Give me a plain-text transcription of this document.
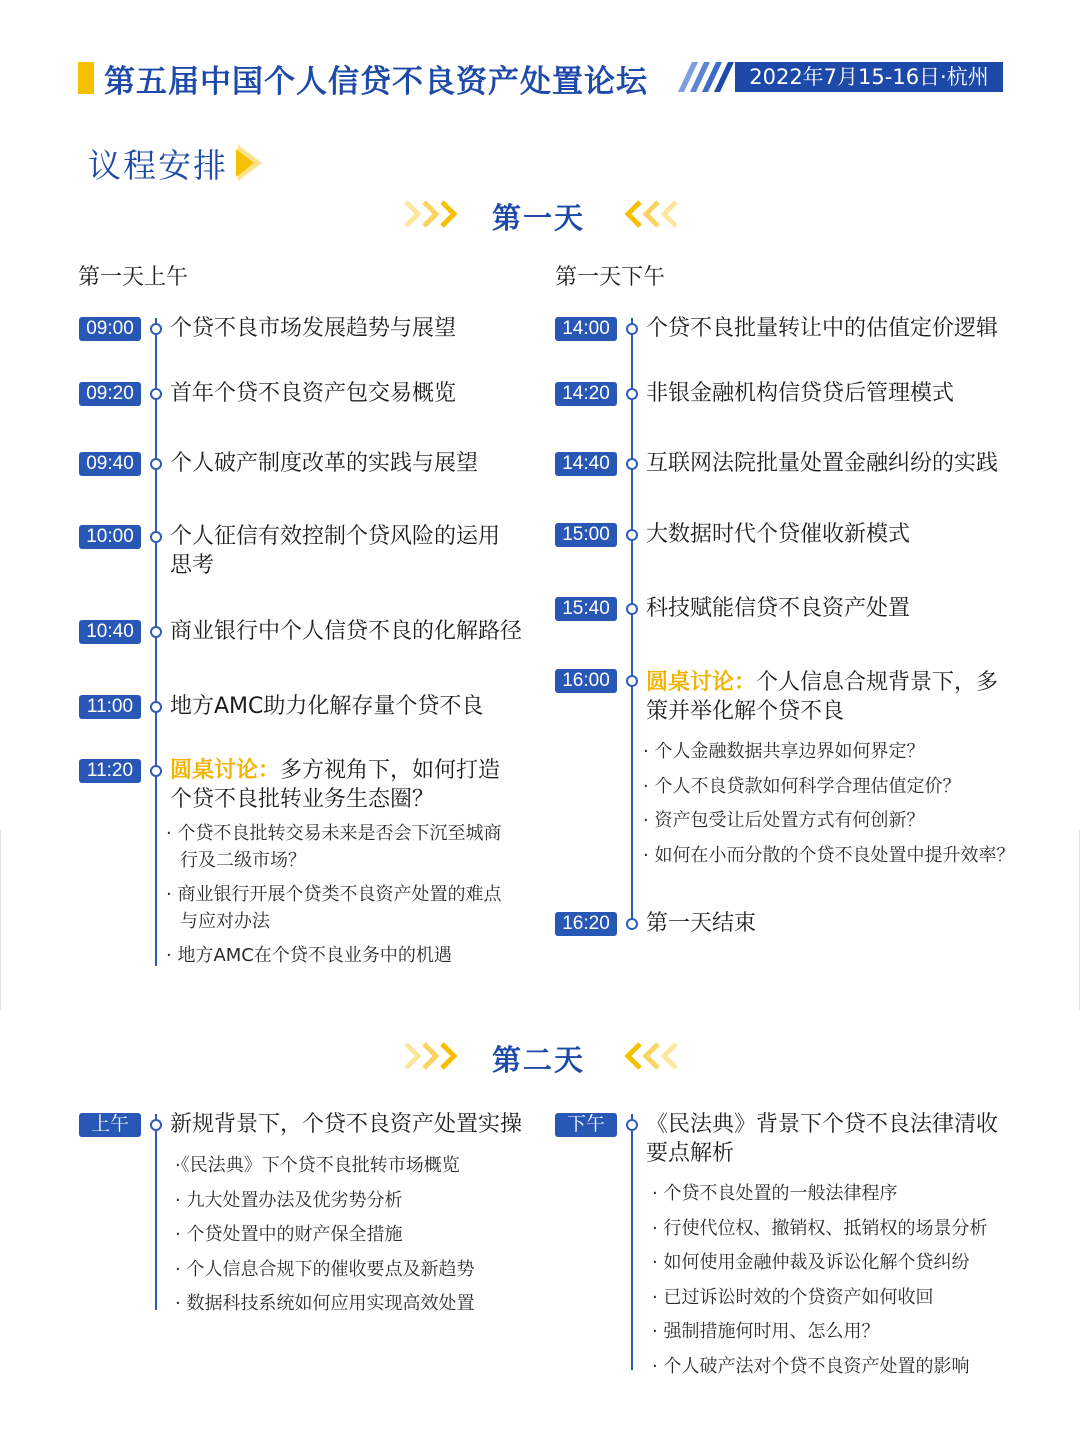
第五届中国个人信贷不良资产处置论坛	2022年7月15-16日·杭州
议程安排
第一天
第一天上午	第一天下午
09:00	个贷不良市场发展趋势与展望
09:20	首年个贷不良资产包交易概览
09:40	个人破产制度改革的实践与展望
10:00	个人征信有效控制个贷风险的运用
思考
10:40	商业银行中个人信贷不良的化解路径
11:00	地方AMC助力化解存量个贷不良
11:20	圆桌讨论：多方视角下，如何打造
个贷不良批转业务生态圈？
· 个贷不良批转交易未来是否会下沉至城商
行及二级市场？
· 商业银行开展个贷类不良资产处置的难点
与应对办法
· 地方AMC在个贷不良业务中的机遇
14:00	个贷不良批量转让中的估值定价逻辑
14:20	非银金融机构信贷贷后管理模式
14:40	互联网法院批量处置金融纠纷的实践
15:00	大数据时代个贷催收新模式
15:40	科技赋能信贷不良资产处置
16:00	圆桌讨论：个人信息合规背景下，多
策并举化解个贷不良
· 个人金融数据共享边界如何界定？
· 个人不良贷款如何科学合理估值定价？
· 资产包受让后处置方式有何创新？
· 如何在小而分散的个贷不良处置中提升效率？
16:20	第一天结束
第二天
上午	新规背景下，个贷不良资产处置实操
·《民法典》下个贷不良批转市场概览
· 九大处置办法及优劣势分析
· 个贷处置中的财产保全措施
· 个人信息合规下的催收要点及新趋势
· 数据科技系统如何应用实现高效处置
下午	《民法典》背景下个贷不良法律清收
要点解析
· 个贷不良处置的一般法律程序
· 行使代位权、撤销权、抵销权的场景分析
· 如何使用金融仲裁及诉讼化解个贷纠纷
· 已过诉讼时效的个贷资产如何收回
· 强制措施何时用、怎么用？
· 个人破产法对个贷不良资产处置的影响
